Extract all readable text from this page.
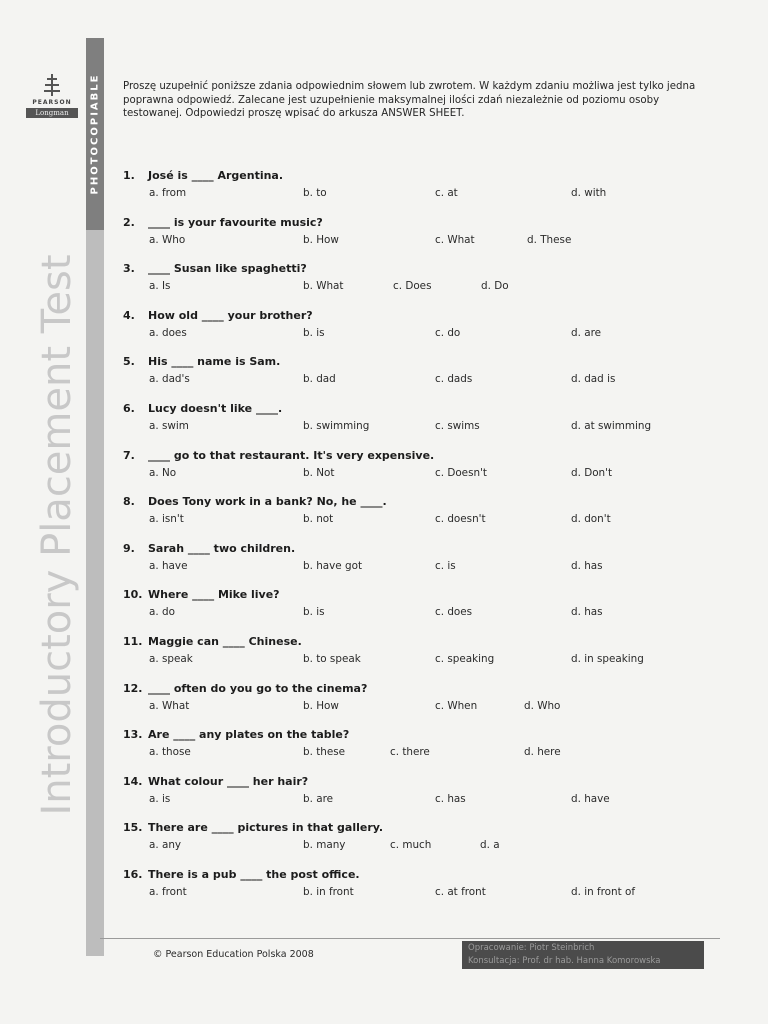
PHOTOCOPIABLE
Introductory Placement Test
PEARSON
Longman
Proszę uzupełnić poniższe zdania odpowiednim słowem lub zwrotem. W każdym zdaniu możliwa jest tylko jedna poprawna odpowiedź. Zalecane jest uzupełnienie maksymalnej ilości zdań niezależnie od poziomu osoby testowanej. Odpowiedzi proszę wpisać do arkusza ANSWER SHEET.
1. José is ____ Argentina.
a. from	b. to	c. at	d. with
2. ____ is your favourite music?
a. Who	b. How	c. What	d. These
3. ____ Susan like spaghetti?
a. Is	b. What	c. Does	d. Do
4. How old ____ your brother?
a. does	b. is	c. do	d. are
5. His ____ name is Sam.
a. dad's	b. dad	c. dads	d. dad is
6. Lucy doesn't like ____.
a. swim	b. swimming	c. swims	d. at swimming
7. ____ go to that restaurant. It's very expensive.
a. No	b. Not	c. Doesn't	d. Don't
8. Does Tony work in a bank? No, he ____.
a. isn't	b. not	c. doesn't	d. don't
9. Sarah ____ two children.
a. have	b. have got	c. is	d. has
10. Where ____ Mike live?
a. do	b. is	c. does	d. has
11. Maggie can ____ Chinese.
a. speak	b. to speak	c. speaking	d. in speaking
12. ____ often do you go to the cinema?
a. What	b. How	c. When	d. Who
13. Are ____ any plates on the table?
a. those	b. these	c. there	d. here
14. What colour ____ her hair?
a. is	b. are	c. has	d. have
15. There are ____ pictures in that gallery.
a. any	b. many	c. much	d. a
16. There is a pub ____ the post office.
a. front	b. in front	c. at front	d. in front of
© Pearson Education Polska 2008
Opracowanie: Piotr Steinbrich
Konsultacja: Prof. dr hab. Hanna Komorowska
